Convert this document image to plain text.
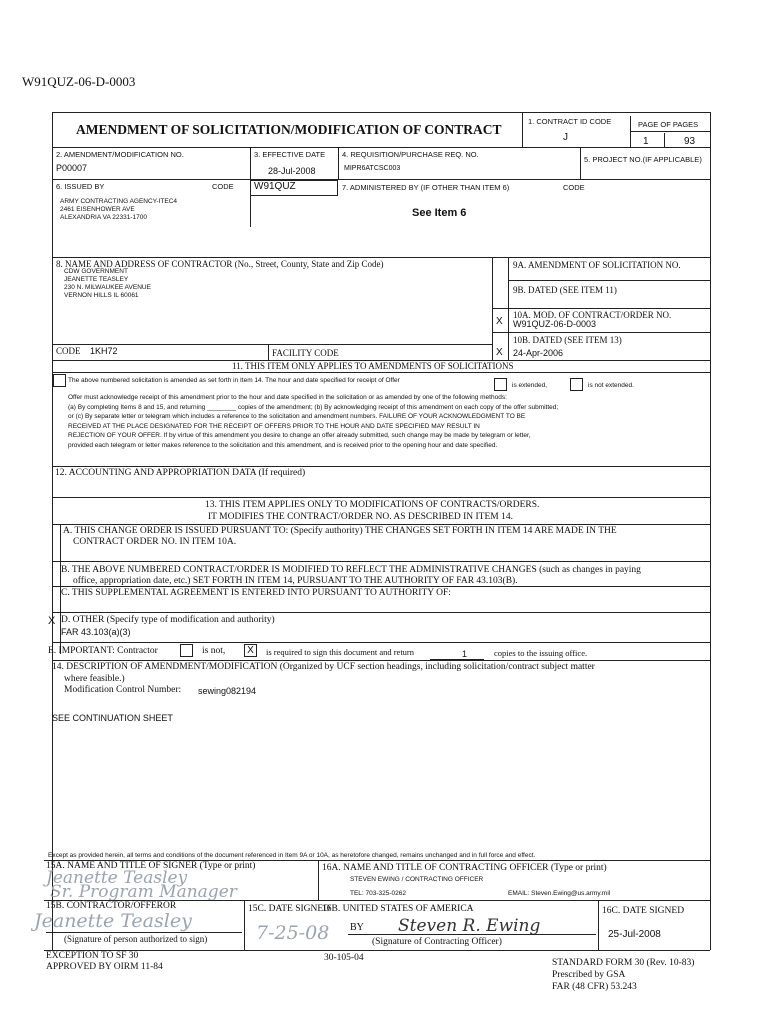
W91QUZ-06-D-0003
AMENDMENT OF SOLICITATION/MODIFICATION OF CONTRACT
1. CONTRACT ID CODE
J
PAGE OF PAGES
1	93
2. AMENDMENT/MODIFICATION NO.
P00007
3. EFFECTIVE DATE
28-Jul-2008
4. REQUISITION/PURCHASE REQ. NO.
MIPR6ATCSC003
5. PROJECT NO.(IF APPLICABLE)
6. ISSUED BY	CODE W91QUZ
ARMY CONTRACTING AGENCY-ITEC4
2461 EISENHOWER AVE
ALEXANDRIA VA 22331-1700
7. ADMINISTERED BY (IF OTHER THAN ITEM 6)	CODE
See Item 6
8. NAME AND ADDRESS OF CONTRACTOR (No., Street, County, State and Zip Code)
CDW GOVERNMENT
JEANETTE TEASLEY
230 N. MILWAUKEE AVENUE
VERNON HILLS IL 60061
CODE 1KH72	FACILITY CODE
9A. AMENDMENT OF SOLICITATION NO.
9B. DATED (SEE ITEM 11)
X
10A. MOD. OF CONTRACT/ORDER NO.
W91QUZ-06-D-0003
10B. DATED (SEE ITEM 13)
X 24-Apr-2006
11. THIS ITEM ONLY APPLIES TO AMENDMENTS OF SOLICITATIONS
The above numbered solicitation is amended as set forth in Item 14. The hour and date specified for receipt of Offer
is extended,	is not extended.
Offer must acknowledge receipt of this amendment prior to the hour and date specified in the solicitation or as amended by one of the following methods:
(a) By completing Items 8 and 15, and returning ________ copies of the amendment; (b) By acknowledging receipt of this amendment on each copy of the offer submitted;
or (c) By separate letter or telegram which includes a reference to the solicitation and amendment numbers. FAILURE OF YOUR ACKNOWLEDGMENT TO BE
RECEIVED AT THE PLACE DESIGNATED FOR THE RECEIPT OF OFFERS PRIOR TO THE HOUR AND DATE SPECIFIED MAY RESULT IN
REJECTION OF YOUR OFFER. If by virtue of this amendment you desire to change an offer already submitted, such change may be made by telegram or letter,
provided each telegram or letter makes reference to the solicitation and this amendment, and is received prior to the opening hour and date specified.
12. ACCOUNTING AND APPROPRIATION DATA (If required)
13. THIS ITEM APPLIES ONLY TO MODIFICATIONS OF CONTRACTS/ORDERS.
IT MODIFIES THE CONTRACT/ORDER NO. AS DESCRIBED IN ITEM 14.
A. THIS CHANGE ORDER IS ISSUED PURSUANT TO: (Specify authority) THE CHANGES SET FORTH IN ITEM 14 ARE MADE IN THE
CONTRACT ORDER NO. IN ITEM 10A.
B. THE ABOVE NUMBERED CONTRACT/ORDER IS MODIFIED TO REFLECT THE ADMINISTRATIVE CHANGES (such as changes in paying
office, appropriation date, etc.) SET FORTH IN ITEM 14, PURSUANT TO THE AUTHORITY OF FAR 43.103(B).
C. THIS SUPPLEMENTAL AGREEMENT IS ENTERED INTO PURSUANT TO AUTHORITY OF:
X D. OTHER (Specify type of modification and authority)
FAR 43.103(a)(3)
E. IMPORTANT: Contractor	is not,	X	is required to sign this document and return	1	copies to the issuing office.
14. DESCRIPTION OF AMENDMENT/MODIFICATION (Organized by UCF section headings, including solicitation/contract subject matter
where feasible.)
Modification Control Number: sewing082194
SEE CONTINUATION SHEET
Except as provided herein, all terms and conditions of the document referenced in Item 9A or 10A, as heretofore changed, remains unchanged and in full force and effect.
15A. NAME AND TITLE OF SIGNER (Type or print)
Jeanette Teasley
Sr. Program Manager
16A. NAME AND TITLE OF CONTRACTING OFFICER (Type or print)
STEVEN EWING / CONTRACTING OFFICER
TEL: 703-325-0262	EMAIL: Steven.Ewing@us.army.mil
15B. CONTRACTOR/OFFEROR
Jeanette Teasley
(Signature of person authorized to sign)
15C. DATE SIGNED
7-25-08
16B. UNITED STATES OF AMERICA
BY Steven R. Ewing
(Signature of Contracting Officer)
16C. DATE SIGNED
25-Jul-2008
EXCEPTION TO SF 30
APPROVED BY OIRM 11-84
30-105-04	STANDARD FORM 30 (Rev. 10-83)
Prescribed by GSA
FAR (48 CFR) 53.243
